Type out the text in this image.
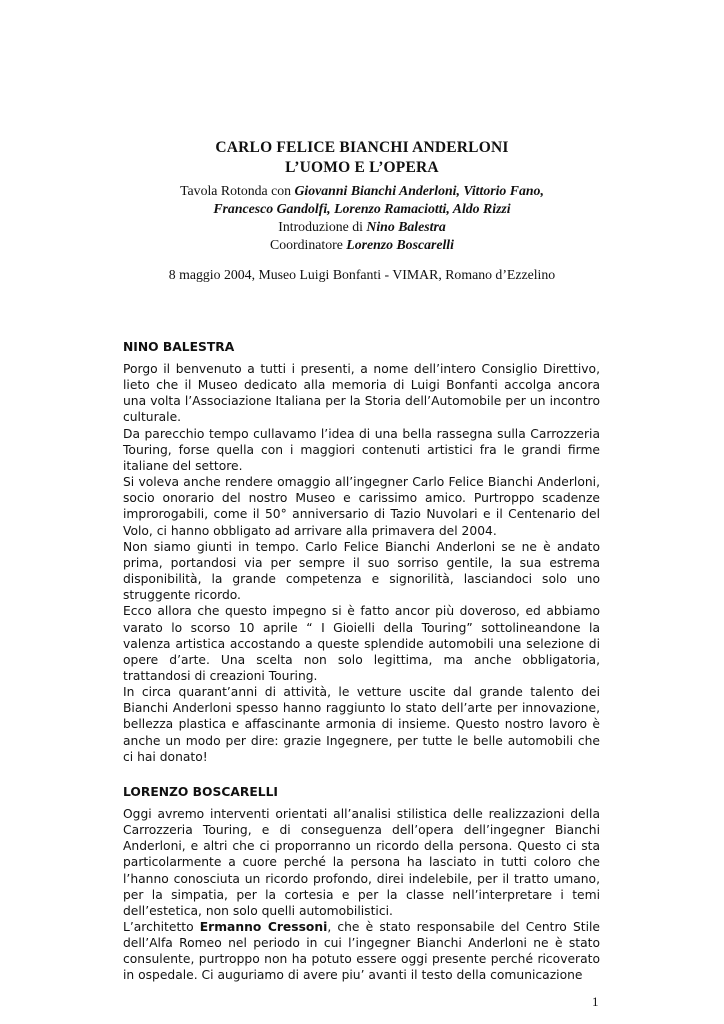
CARLO FELICE BIANCHI ANDERLONI
L’UOMO E L’OPERA
Tavola Rotonda con Giovanni Bianchi Anderloni, Vittorio Fano,
Francesco Gandolfi, Lorenzo Ramaciotti, Aldo Rizzi
Introduzione di Nino Balestra
Coordinatore Lorenzo Boscarelli
8 maggio 2004, Museo Luigi Bonfanti - VIMAR, Romano d’Ezzelino
NINO BALESTRA

Porgo il benvenuto a tutti i presenti, a nome dell’intero Consiglio Direttivo, lieto che il Museo dedicato alla memoria di Luigi Bonfanti accolga ancora una volta l’Associazione Italiana per la Storia dell’Automobile per un incontro culturale.

Da parecchio tempo cullavamo l’idea di una bella rassegna sulla Carrozzeria Touring, forse quella con i maggiori contenuti artistici fra le grandi firme italiane del settore.

Si voleva anche rendere omaggio all’ingegner Carlo Felice Bianchi Anderloni, socio onorario del nostro Museo e carissimo amico. Purtroppo scadenze improrogabili, come il 50° anniversario di Tazio Nuvolari e il Centenario del Volo, ci hanno obbligato ad arrivare alla primavera del 2004.

Non siamo giunti in tempo. Carlo Felice Bianchi Anderloni se ne è andato prima, portandosi via per sempre il suo sorriso gentile, la sua estrema disponibilità, la grande competenza e signorilità, lasciandoci solo uno struggente ricordo.

Ecco allora che questo impegno si è fatto ancor più doveroso, ed abbiamo varato lo scorso 10 aprile “ I Gioielli della Touring” sottolineandone la valenza artistica accostando a queste splendide automobili una selezione di opere d’arte. Una scelta non solo legittima, ma anche obbligatoria, trattandosi di creazioni Touring.

In circa quarant’anni di attività, le vetture uscite dal grande talento dei Bianchi Anderloni spesso hanno raggiunto lo stato dell’arte per innovazione, bellezza plastica e affascinante armonia di insieme. Questo nostro lavoro è anche un modo per dire: grazie Ingegnere, per tutte le belle automobili che ci hai donato!

LORENZO BOSCARELLI

Oggi avremo interventi orientati all’analisi stilistica delle realizzazioni della Carrozzeria Touring, e di conseguenza dell’opera dell’ingegner Bianchi Anderloni, e altri che ci proporranno un ricordo della persona. Questo ci sta particolarmente a cuore perché la persona ha lasciato in tutti coloro che l’hanno conosciuta un ricordo profondo, direi indelebile, per il tratto umano, per la simpatia, per la cortesia e per la classe nell’interpretare i temi dell’estetica, non solo quelli automobilistici.

L’architetto Ermanno Cressoni, che è stato responsabile del Centro Stile dell’Alfa Romeo nel periodo in cui l’ingegner Bianchi Anderloni ne è stato consulente, purtroppo non ha potuto essere oggi presente perché ricoverato in ospedale. Ci auguriamo di avere piu’ avanti il testo della comunicazione

1
